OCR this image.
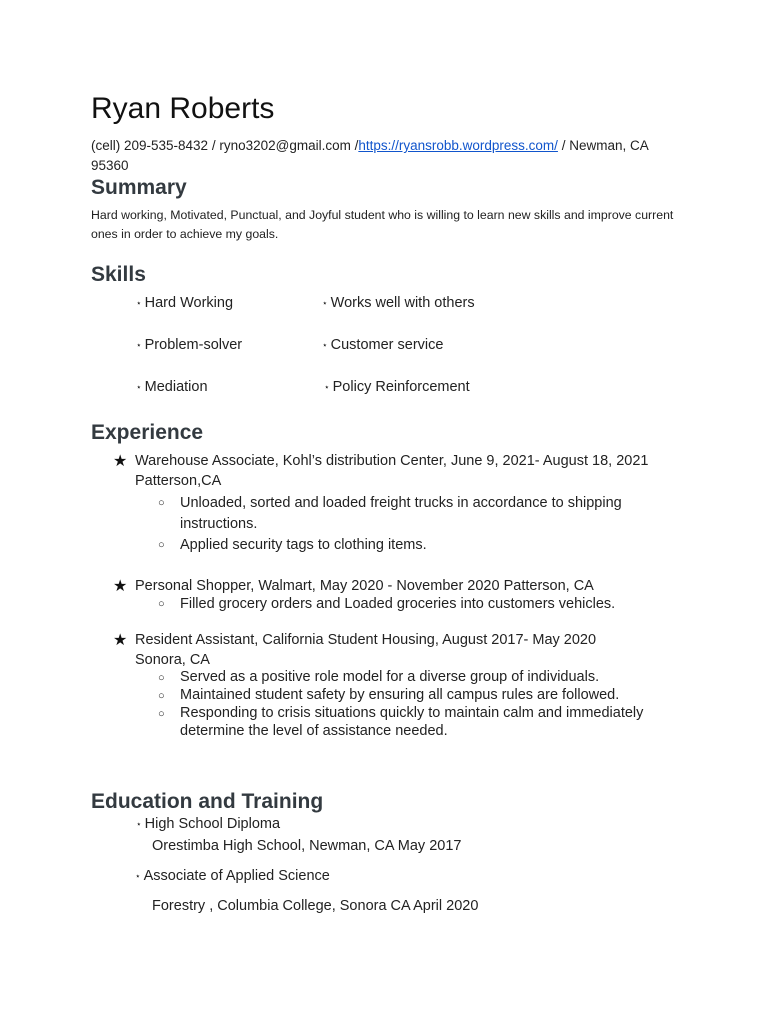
Ryan Roberts
(cell) 209-535-8432 / ryno3202@gmail.com /https://ryansrobb.wordpress.com/ / Newman, CA 95360
Summary
Hard working, Motivated, Punctual, and Joyful student who is willing to learn new skills and improve current ones in order to achieve my goals.
Skills
⋆ Hard Working	⋆ Works well with others
⋆ Problem-solver	⋆ Customer service
⋆ Mediation	⋆ Policy Reinforcement
Experience
★ Warehouse Associate, Kohl’s distribution Center, June 9, 2021- August 18, 2021 Patterson,CA
○ Unloaded, sorted and loaded freight trucks in accordance to shipping instructions.
○ Applied security tags to clothing items.
★ Personal Shopper, Walmart, May 2020 - November 2020 Patterson, CA
○ Filled grocery orders and Loaded groceries into customers vehicles.
★ Resident Assistant, California Student Housing, August 2017- May 2020 Sonora, CA
○ Served as a positive role model for a diverse group of individuals.
○ Maintained student safety by ensuring all campus rules are followed.
○ Responding to crisis situations quickly to maintain calm and immediately determine the level of assistance needed.
Education and Training
⋆ High School Diploma
Orestimba High School, Newman, CA May 2017
⋆ Associate of Applied Science
Forestry , Columbia College, Sonora CA April 2020
